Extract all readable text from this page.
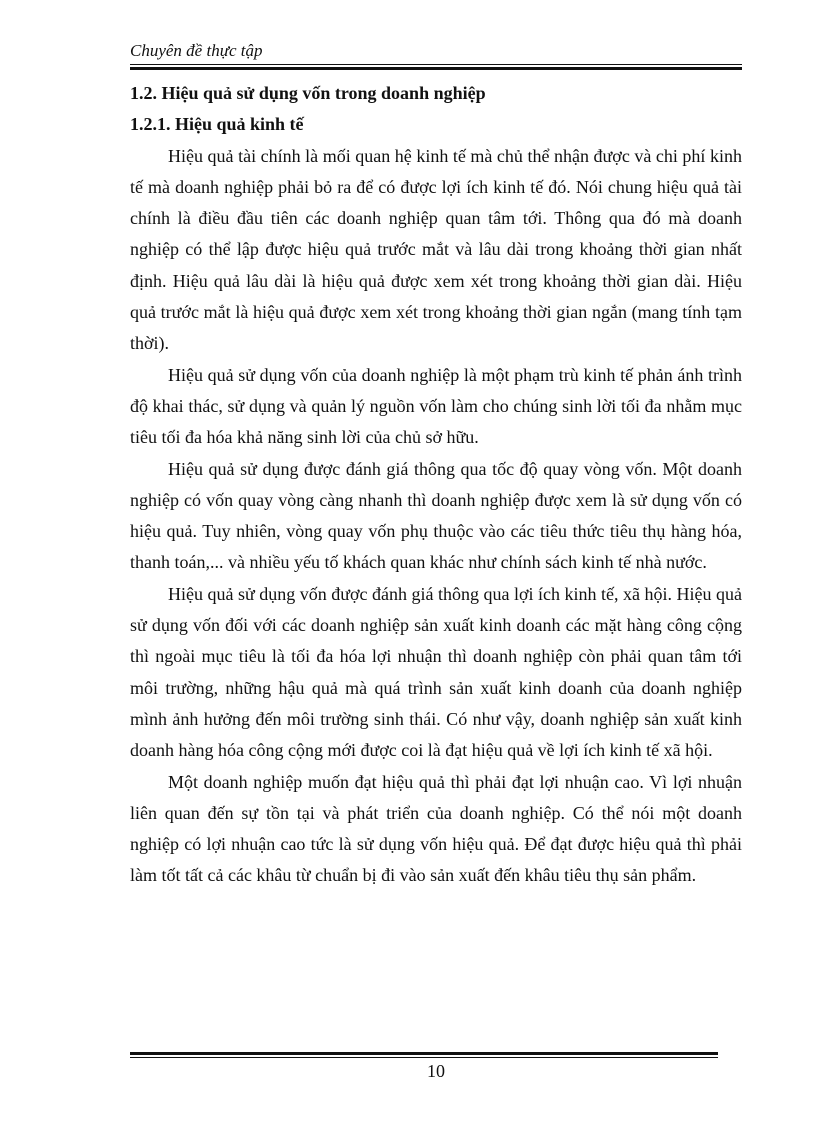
Chuyên đề thực tập

1.2. Hiệu quả sử dụng vốn trong doanh nghiệp

1.2.1. Hiệu quả kinh tế

Hiệu quả tài chính là mối quan hệ kinh tế mà chủ thể nhận được và chi phí kinh tế mà doanh nghiệp phải bỏ ra để có được lợi ích kinh tế đó. Nói chung hiệu quả tài chính là điều đầu tiên các doanh nghiệp quan tâm tới. Thông qua đó mà doanh nghiệp có thể lập được hiệu quả trước mắt và lâu dài trong khoảng thời gian nhất định. Hiệu quả lâu dài là hiệu quả được xem xét trong khoảng thời gian dài. Hiệu quả trước mắt là hiệu quả được xem xét trong khoảng thời gian ngắn (mang tính tạm thời).

Hiệu quả sử dụng vốn của doanh nghiệp là một phạm trù kinh tế phản ánh trình độ khai thác, sử dụng và quản lý nguồn vốn làm cho chúng sinh lời tối đa nhằm mục tiêu tối đa hóa khả năng sinh lời của chủ sở hữu.

Hiệu quả sử dụng được đánh giá thông qua tốc độ quay vòng vốn. Một doanh nghiệp có vốn quay vòng càng nhanh thì doanh nghiệp được xem là sử dụng vốn có hiệu quả. Tuy nhiên, vòng quay vốn phụ thuộc vào các tiêu thức tiêu thụ hàng hóa, thanh toán,... và nhiều yếu tố khách quan khác như chính sách kinh tế nhà nước.

Hiệu quả sử dụng vốn được đánh giá thông qua lợi ích kinh tế, xã hội. Hiệu quả sử dụng vốn đối với các doanh nghiệp sản xuất kinh doanh các mặt hàng công cộng thì ngoài mục tiêu là tối đa hóa lợi nhuận thì doanh nghiệp còn phải quan tâm tới môi trường, những hậu quả mà quá trình sản xuất kinh doanh của doanh nghiệp mình ảnh hưởng đến môi trường sinh thái. Có như vậy, doanh nghiệp sản xuất kinh doanh hàng hóa công cộng mới được coi là đạt hiệu quả về lợi ích kinh tế xã hội.

Một doanh nghiệp muốn đạt hiệu quả thì phải đạt lợi nhuận cao. Vì lợi nhuận liên quan đến sự tồn tại và phát triển của doanh nghiệp. Có thể nói một doanh nghiệp có lợi nhuận cao tức là sử dụng vốn hiệu quả. Để đạt được hiệu quả thì phải làm tốt tất cả các khâu từ chuẩn bị đi vào sản xuất đến khâu tiêu thụ sản phẩm.

10
